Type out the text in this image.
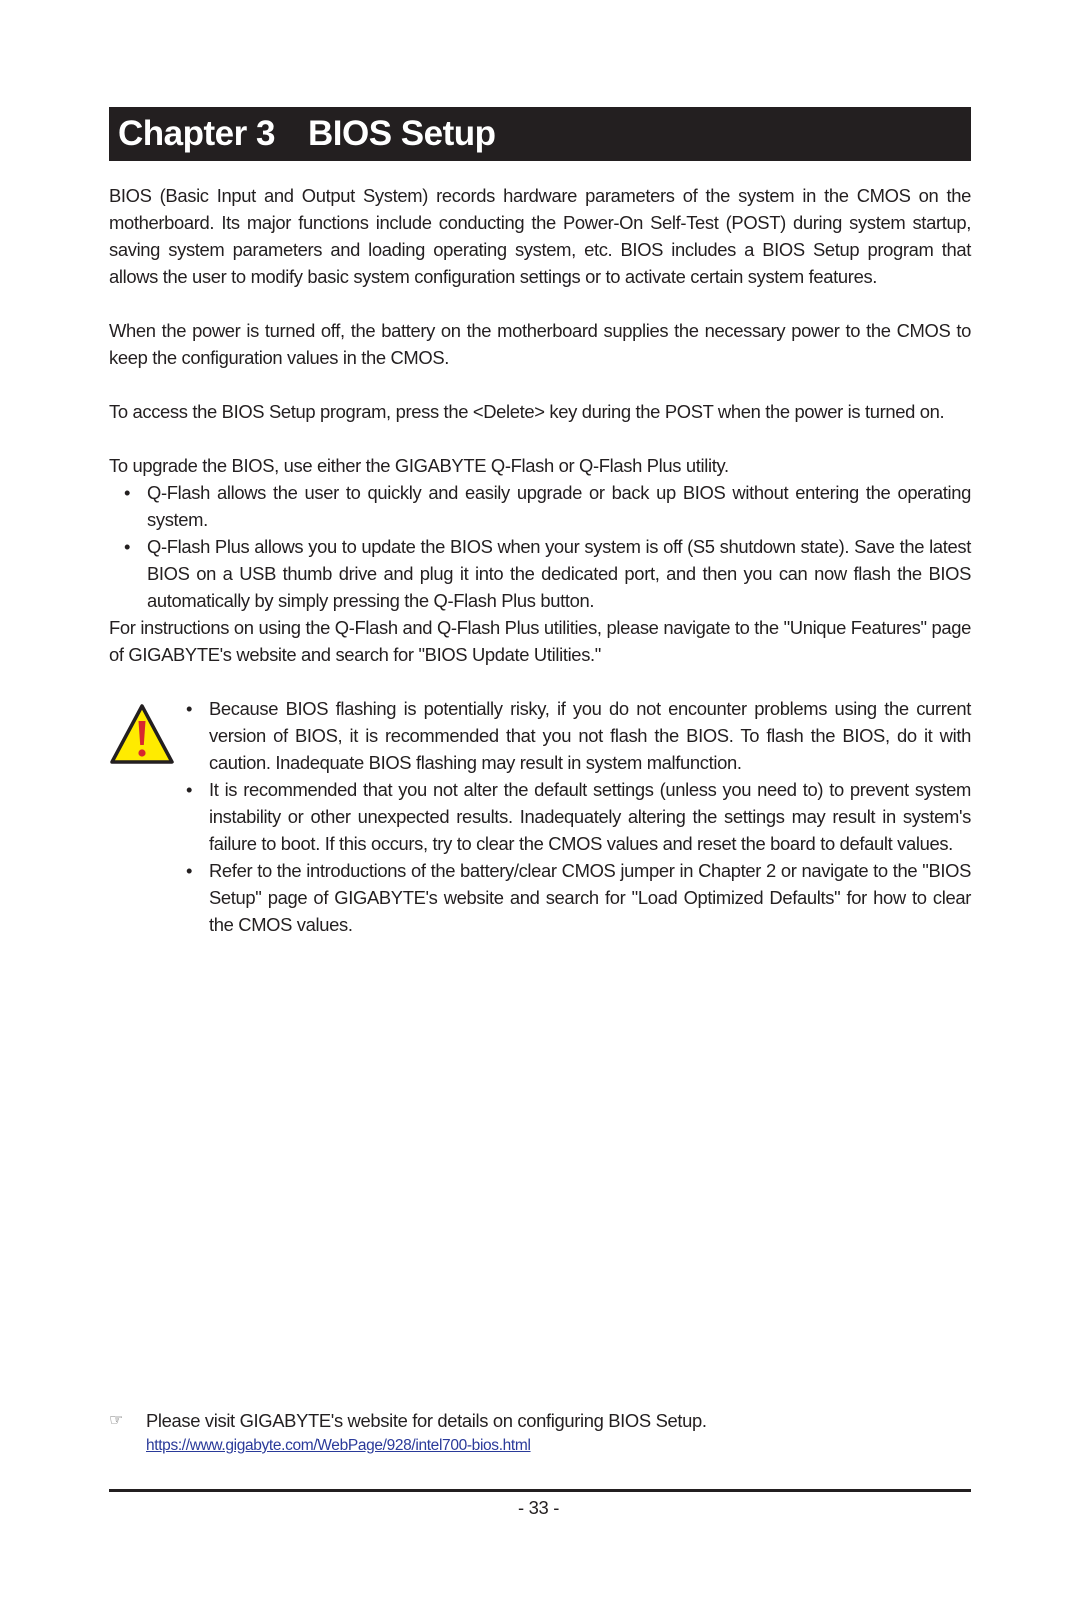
Chapter 3 BIOS Setup

BIOS (Basic Input and Output System) records hardware parameters of the system in the CMOS on the motherboard. Its major functions include conducting the Power-On Self-Test (POST) during system startup, saving system parameters and loading operating system, etc. BIOS includes a BIOS Setup program that allows the user to modify basic system configuration settings or to activate certain system features.

When the power is turned off, the battery on the motherboard supplies the necessary power to the CMOS to keep the configuration values in the CMOS.

To access the BIOS Setup program, press the <Delete> key during the POST when the power is turned on.

To upgrade the BIOS, use either the GIGABYTE Q-Flash or Q-Flash Plus utility.

• Q-Flash allows the user to quickly and easily upgrade or back up BIOS without entering the operating system.
• Q-Flash Plus allows you to update the BIOS when your system is off (S5 shutdown state). Save the latest BIOS on a USB thumb drive and plug it into the dedicated port, and then you can now flash the BIOS automatically by simply pressing the Q-Flash Plus button.

For instructions on using the Q-Flash and Q-Flash Plus utilities, please navigate to the "Unique Features" page of GIGABYTE's website and search for "BIOS Update Utilities."

• Because BIOS flashing is potentially risky, if you do not encounter problems using the current version of BIOS, it is recommended that you not flash the BIOS. To flash the BIOS, do it with caution. Inadequate BIOS flashing may result in system malfunction.
• It is recommended that you not alter the default settings (unless you need to) to prevent system instability or other unexpected results. Inadequately altering the settings may result in system's failure to boot. If this occurs, try to clear the CMOS values and reset the board to default values.
• Refer to the introductions of the battery/clear CMOS jumper in Chapter 2 or navigate to the "BIOS Setup" page of GIGABYTE's website and search for "Load Optimized Defaults" for how to clear the CMOS values.
☞ Please visit GIGABYTE's website for details on configuring BIOS Setup.
https://www.gigabyte.com/WebPage/928/intel700-bios.html
- 33 -
